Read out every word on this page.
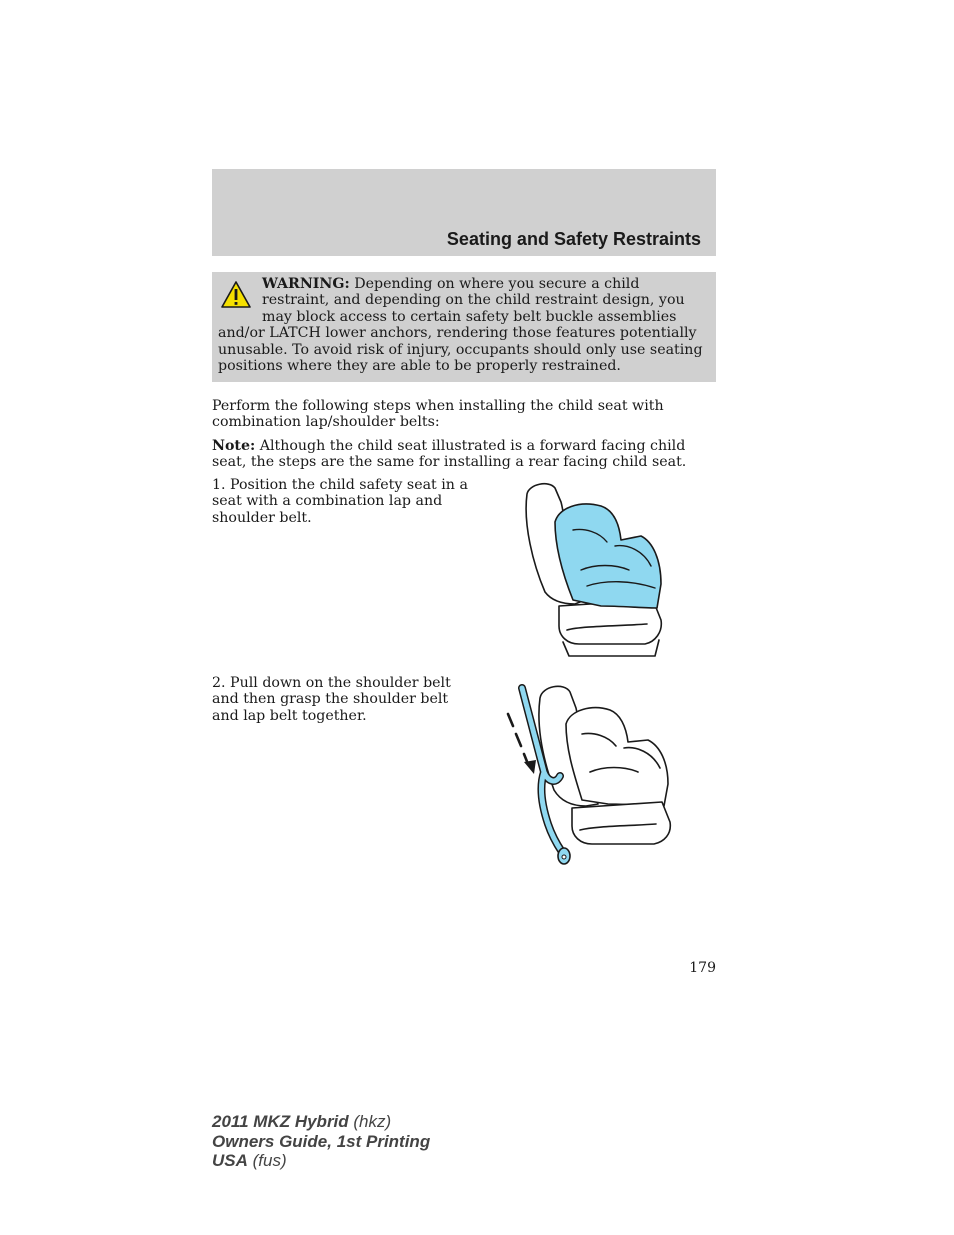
Seating and Safety Restraints
WARNING: Depending on where you secure a child restraint, and depending on the child restraint design, you may block access to certain safety belt buckle assemblies and/or LATCH lower anchors, rendering those features potentially unusable. To avoid risk of injury, occupants should only use seating positions where they are able to be properly restrained.

Perform the following steps when installing the child seat with combination lap/shoulder belts:

Note: Although the child seat illustrated is a forward facing child seat, the steps are the same for installing a rear facing child seat.

1. Position the child safety seat in a seat with a combination lap and shoulder belt.

2. Pull down on the shoulder belt and then grasp the shoulder belt and lap belt together.

179
2011 MKZ Hybrid (hkz)
Owners Guide, 1st Printing
USA (fus)
